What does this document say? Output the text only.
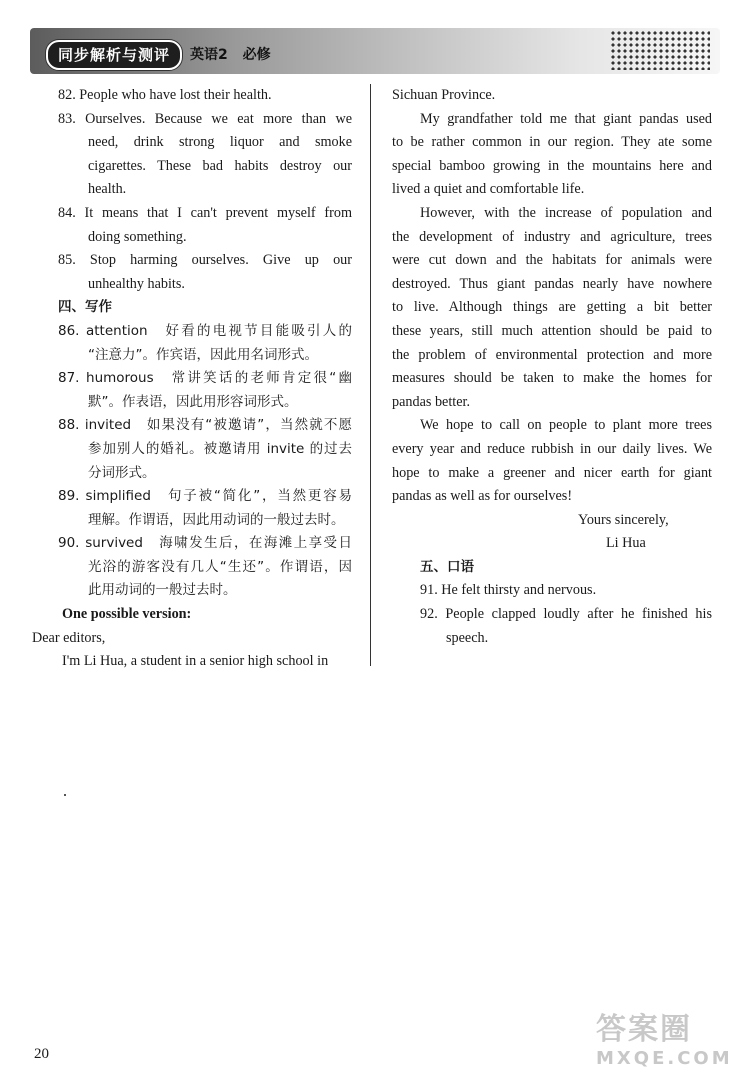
同步解析与测评	英语2 必修
82. People who have lost their health.
83. Ourselves. Because we eat more than we
need, drink strong liquor and smoke
cigarettes. These bad habits destroy our
health.
84. It means that I can't prevent myself from
doing something.
85. Stop harming ourselves. Give up our
unhealthy habits.
四、写作
86. attention　好看的电视节目能吸引人的
“注意力”。作宾语，因此用名词形式。
87. humorous　常讲笑话的老师肯定很“幽
默”。作表语，因此用形容词形式。
88. invited　如果没有“被邀请”，当然就不愿
参加别人的婚礼。被邀请用 invite 的过去
分词形式。
89. simplified　句子被“简化”，当然更容易
理解。作谓语，因此用动词的一般过去时。
90. survived　海啸发生后，在海滩上享受日
光浴的游客没有几人“生还”。作谓语，因
此用动词的一般过去时。
One possible version:
Dear editors,
I'm Li Hua, a student in a senior high school in
Sichuan Province.
My grandfather told me that giant pandas used
to be rather common in our region. They ate some
special bamboo growing in the mountains here and
lived a quiet and comfortable life.
However, with the increase of population and
the development of industry and agriculture, trees
were cut down and the habitats for animals were
destroyed. Thus giant pandas nearly have nowhere
to live. Although things are getting a bit better
these years, still much attention should be paid to
the problem of environmental protection and more
measures should be taken to make the homes for
pandas better.
We hope to call on people to plant more trees
every year and reduce rubbish in our daily lives. We
hope to make a greener and nicer earth for giant
pandas as well as for ourselves!
Yours sincerely,
Li Hua
五、口语
91. He felt thirsty and nervous.
92. People clapped loudly after he finished his
speech.
20
答案圈
MXQE.COM
